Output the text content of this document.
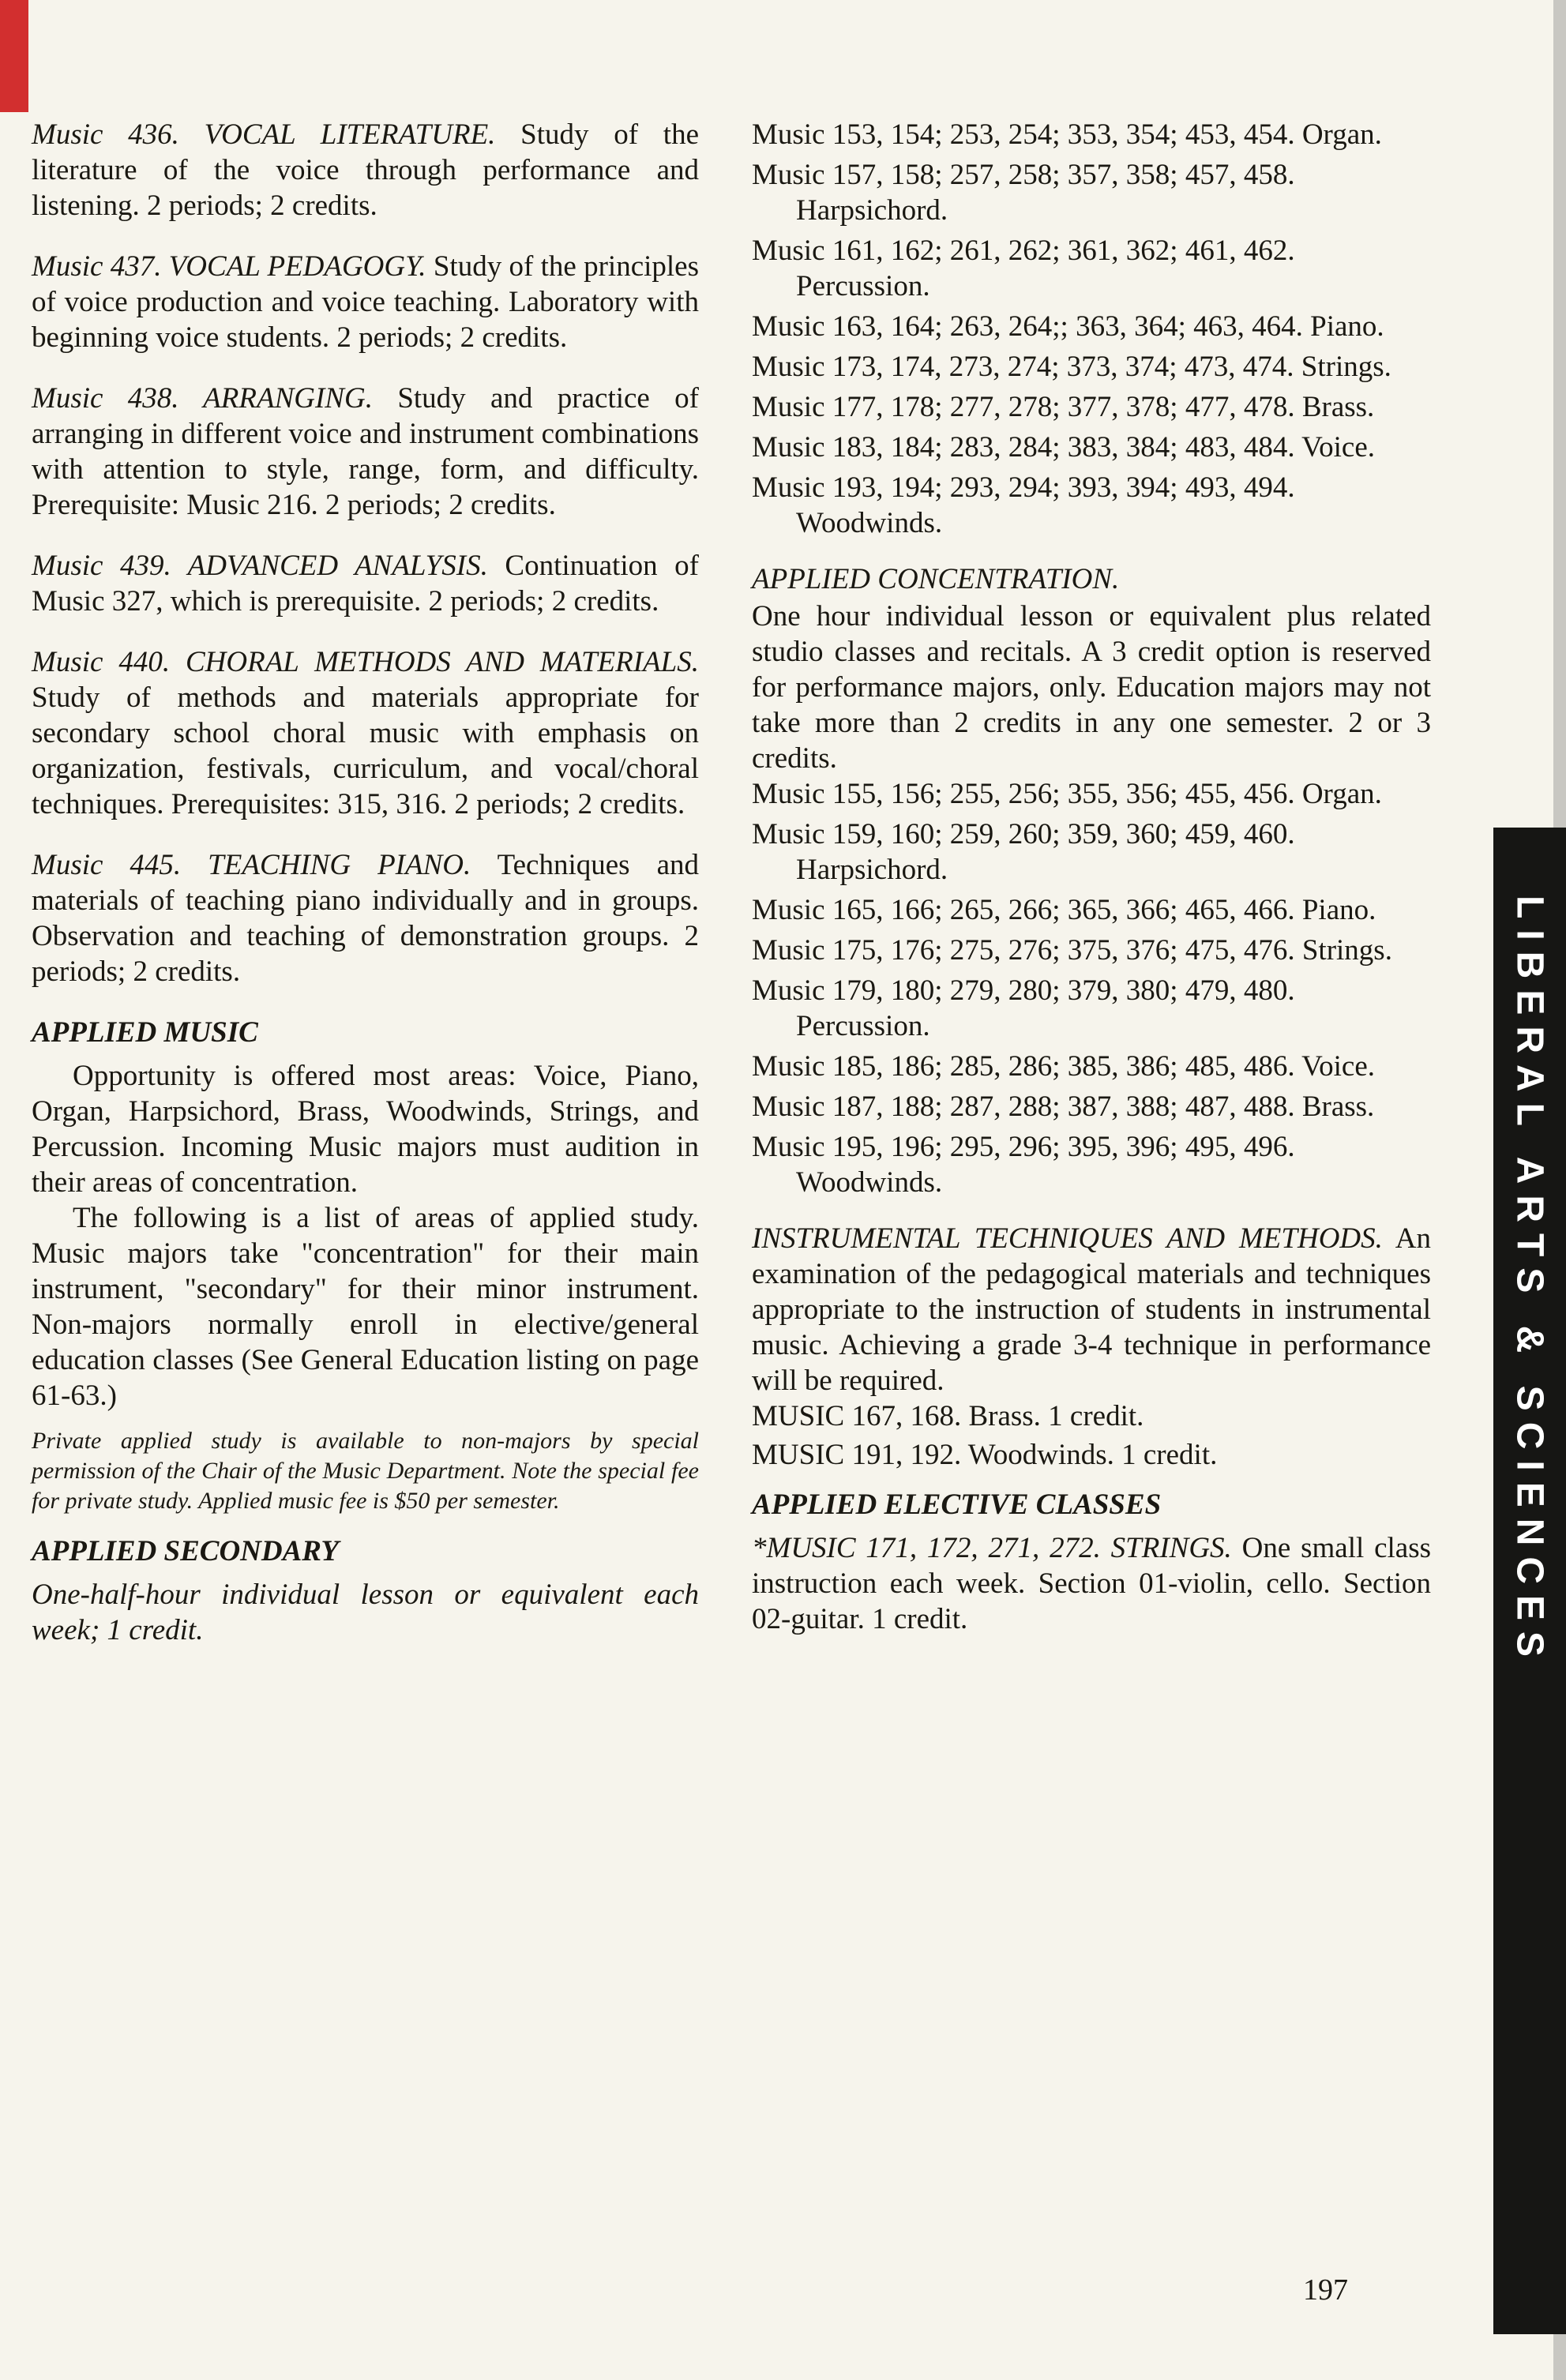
Music 436. VOCAL LITERATURE. Study of the literature of the voice through performance and listening. 2 periods; 2 credits.

Music 437. VOCAL PEDAGOGY. Study of the principles of voice production and voice teaching. Laboratory with beginning voice students. 2 periods; 2 credits.

Music 438. ARRANGING. Study and practice of arranging in different voice and instrument combinations with attention to style, range, form, and difficulty. Prerequisite: Music 216. 2 periods; 2 credits.

Music 439. ADVANCED ANALYSIS. Continuation of Music 327, which is prerequisite. 2 periods; 2 credits.

Music 440. CHORAL METHODS AND MATERIALS. Study of methods and materials appropriate for secondary school choral music with emphasis on organization, festivals, curriculum, and vocal/choral techniques. Prerequisites: 315, 316. 2 periods; 2 credits.

Music 445. TEACHING PIANO. Techniques and materials of teaching piano individually and in groups. Observation and teaching of demonstration groups. 2 periods; 2 credits.

APPLIED MUSIC

Opportunity is offered most areas: Voice, Piano, Organ, Harpsichord, Brass, Woodwinds, Strings, and Percussion. Incoming Music majors must audition in their areas of concentration.

The following is a list of areas of applied study. Music majors take "concentration" for their main instrument, "secondary" for their minor instrument. Non-majors normally enroll in elective/general education classes (See General Education listing on page 61-63.)

Private applied study is available to non-majors by special permission of the Chair of the Music Department. Note the special fee for private study. Applied music fee is $50 per semester.

APPLIED SECONDARY

One-half-hour individual lesson or equivalent each week; 1 credit.

Music 153, 154; 253, 254; 353, 354; 453, 454. Organ.

Music 157, 158; 257, 258; 357, 358; 457, 458. Harpsichord.

Music 161, 162; 261, 262; 361, 362; 461, 462. Percussion.

Music 163, 164; 263, 264;; 363, 364; 463, 464. Piano.

Music 173, 174, 273, 274; 373, 374; 473, 474. Strings.

Music 177, 178; 277, 278; 377, 378; 477, 478. Brass.

Music 183, 184; 283, 284; 383, 384; 483, 484. Voice.

Music 193, 194; 293, 294; 393, 394; 493, 494. Woodwinds.

APPLIED CONCENTRATION.

One hour individual lesson or equivalent plus related studio classes and recitals. A 3 credit option is reserved for performance majors, only. Education majors may not take more than 2 credits in any one semester. 2 or 3 credits.

Music 155, 156; 255, 256; 355, 356; 455, 456. Organ.

Music 159, 160; 259, 260; 359, 360; 459, 460. Harpsichord.

Music 165, 166; 265, 266; 365, 366; 465, 466. Piano.

Music 175, 176; 275, 276; 375, 376; 475, 476. Strings.

Music 179, 180; 279, 280; 379, 380; 479, 480. Percussion.

Music 185, 186; 285, 286; 385, 386; 485, 486. Voice.

Music 187, 188; 287, 288; 387, 388; 487, 488. Brass.

Music 195, 196; 295, 296; 395, 396; 495, 496. Woodwinds.

INSTRUMENTAL TECHNIQUES AND METHODS. An examination of the pedagogical materials and techniques appropriate to the instruction of students in instrumental music. Achieving a grade 3-4 technique in performance will be required.

MUSIC 167, 168. Brass. 1 credit.

MUSIC 191, 192. Woodwinds. 1 credit.

APPLIED ELECTIVE CLASSES

*MUSIC 171, 172, 271, 272. STRINGS. One small class instruction each week. Section 01-violin, cello. Section 02-guitar. 1 credit.	LIBERAL ARTS & SCIENCES
197
